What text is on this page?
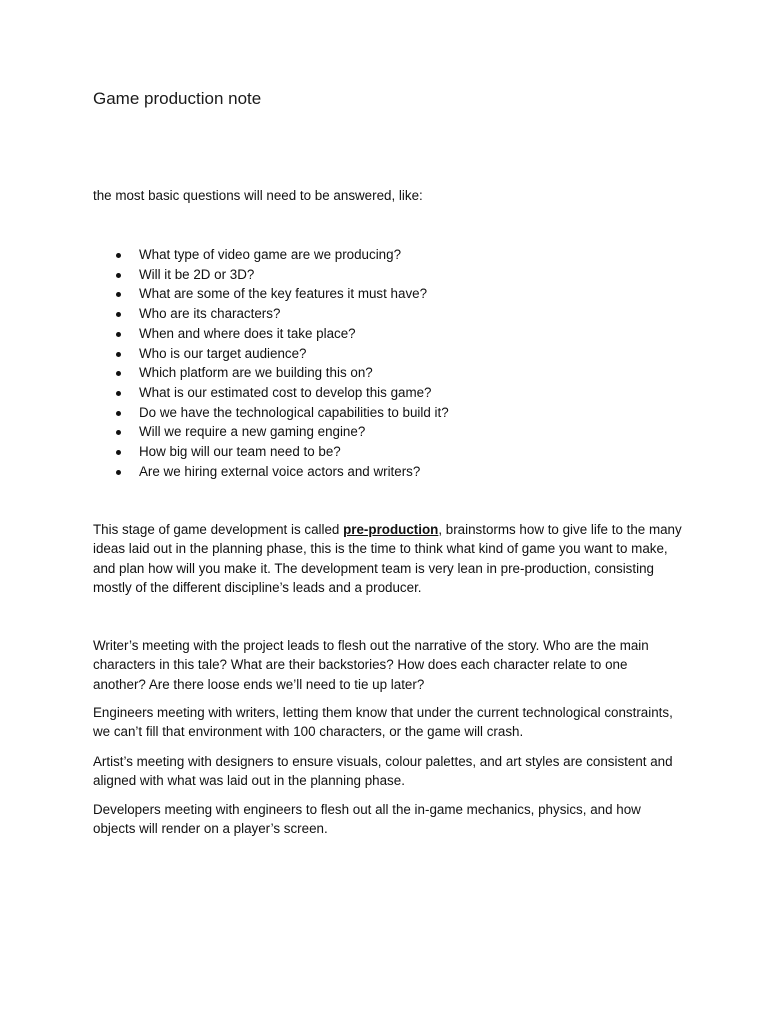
Game production note
the most basic questions will need to be answered, like:
What type of video game are we producing?
Will it be 2D or 3D?
What are some of the key features it must have?
Who are its characters?
When and where does it take place?
Who is our target audience?
Which platform are we building this on?
What is our estimated cost to develop this game?
Do we have the technological capabilities to build it?
Will we require a new gaming engine?
How big will our team need to be?
Are we hiring external voice actors and writers?

This stage of game development is called pre-production, brainstorms how to give life to the many ideas laid out in the planning phase, this is the time to think what kind of game you want to make, and plan how will you make it. The development team is very lean in pre-production, consisting mostly of the different discipline’s leads and a producer.

Writer’s meeting with the project leads to flesh out the narrative of the story. Who are the main characters in this tale? What are their backstories? How does each character relate to one another? Are there loose ends we’ll need to tie up later?

Engineers meeting with writers, letting them know that under the current technological constraints, we can’t fill that environment with 100 characters, or the game will crash.

Artist’s meeting with designers to ensure visuals, colour palettes, and art styles are consistent and aligned with what was laid out in the planning phase.

Developers meeting with engineers to flesh out all the in-game mechanics, physics, and how objects will render on a player’s screen.
